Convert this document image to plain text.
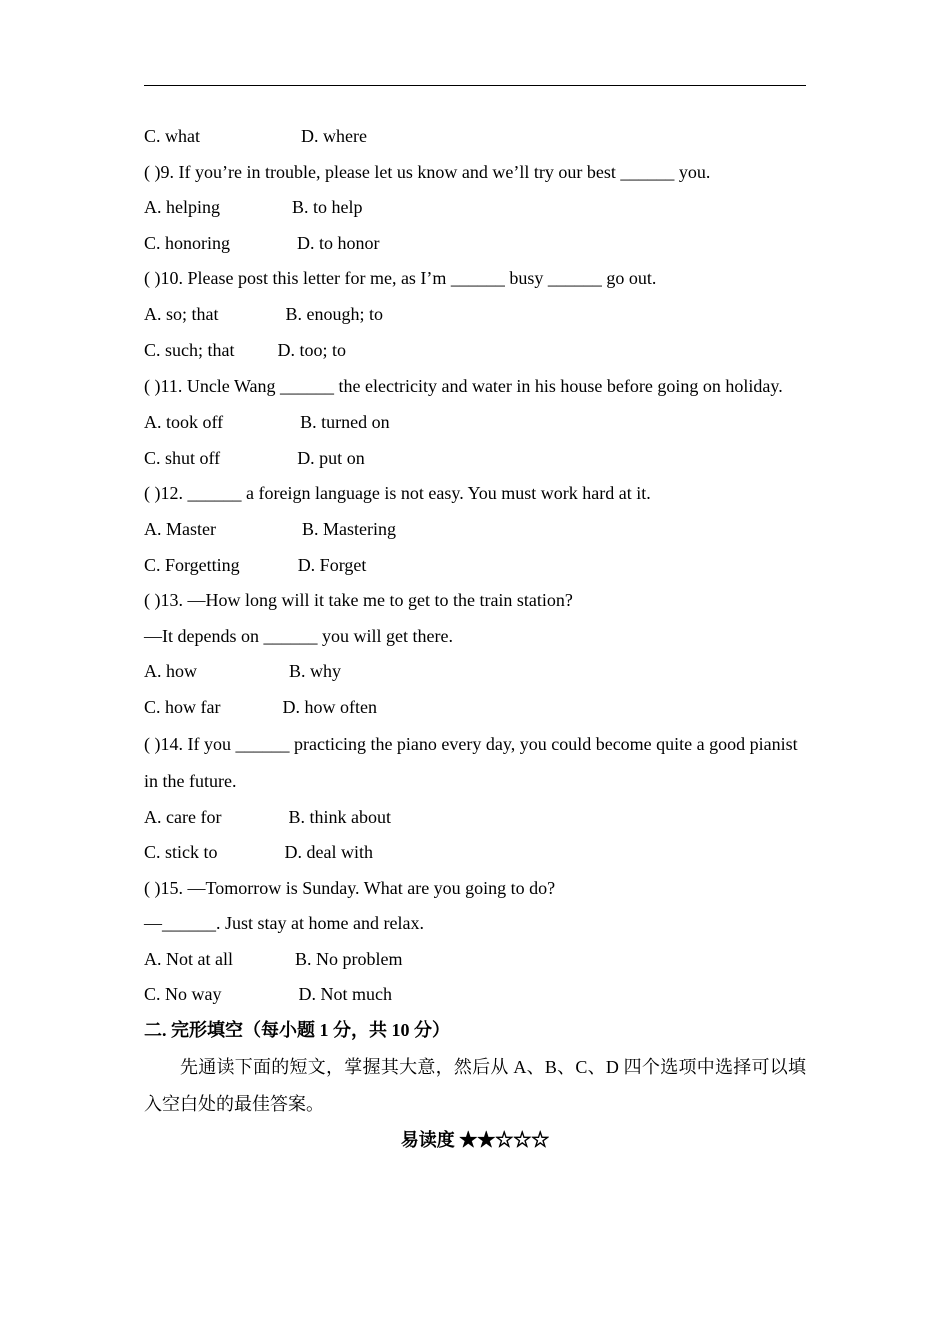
C. what	D. where
( )9. If you’re in trouble, please let us know and we’ll try our best ______ you.
A. helping	B. to help
C. honoring	D. to honor
( )10. Please post this letter for me, as I’m ______ busy ______ go out.
A. so; that	B. enough; to
C. such; that D. too; to
( )11. Uncle Wang ______ the electricity and water in his house before going on holiday.
A. took off	B. turned on
C. shut off	D. put on
( )12. ______ a foreign language is not easy. You must work hard at it.
A. Master	B. Mastering
C. Forgetting	D. Forget
( )13. —How long will it take me to get to the train station?
—It depends on ______ you will get there.
A. how	B. why
C. how far	D. how often
( )14. If you ______ practicing the piano every day, you could become quite a good pianist in the future.
A. care for	B. think about
C. stick to	D. deal with
( )15. —Tomorrow is Sunday. What are you going to do?
—______. Just stay at home and relax.
A. Not at all	B. No problem
C. No way	D. Not much
二. 完形填空（每小题 1 分，共 10 分）
先通读下面的短文，掌握其大意，然后从 A、B、C、D 四个选项中选择可以填入空白处的最佳答案。
易读度 ★★☆☆☆
